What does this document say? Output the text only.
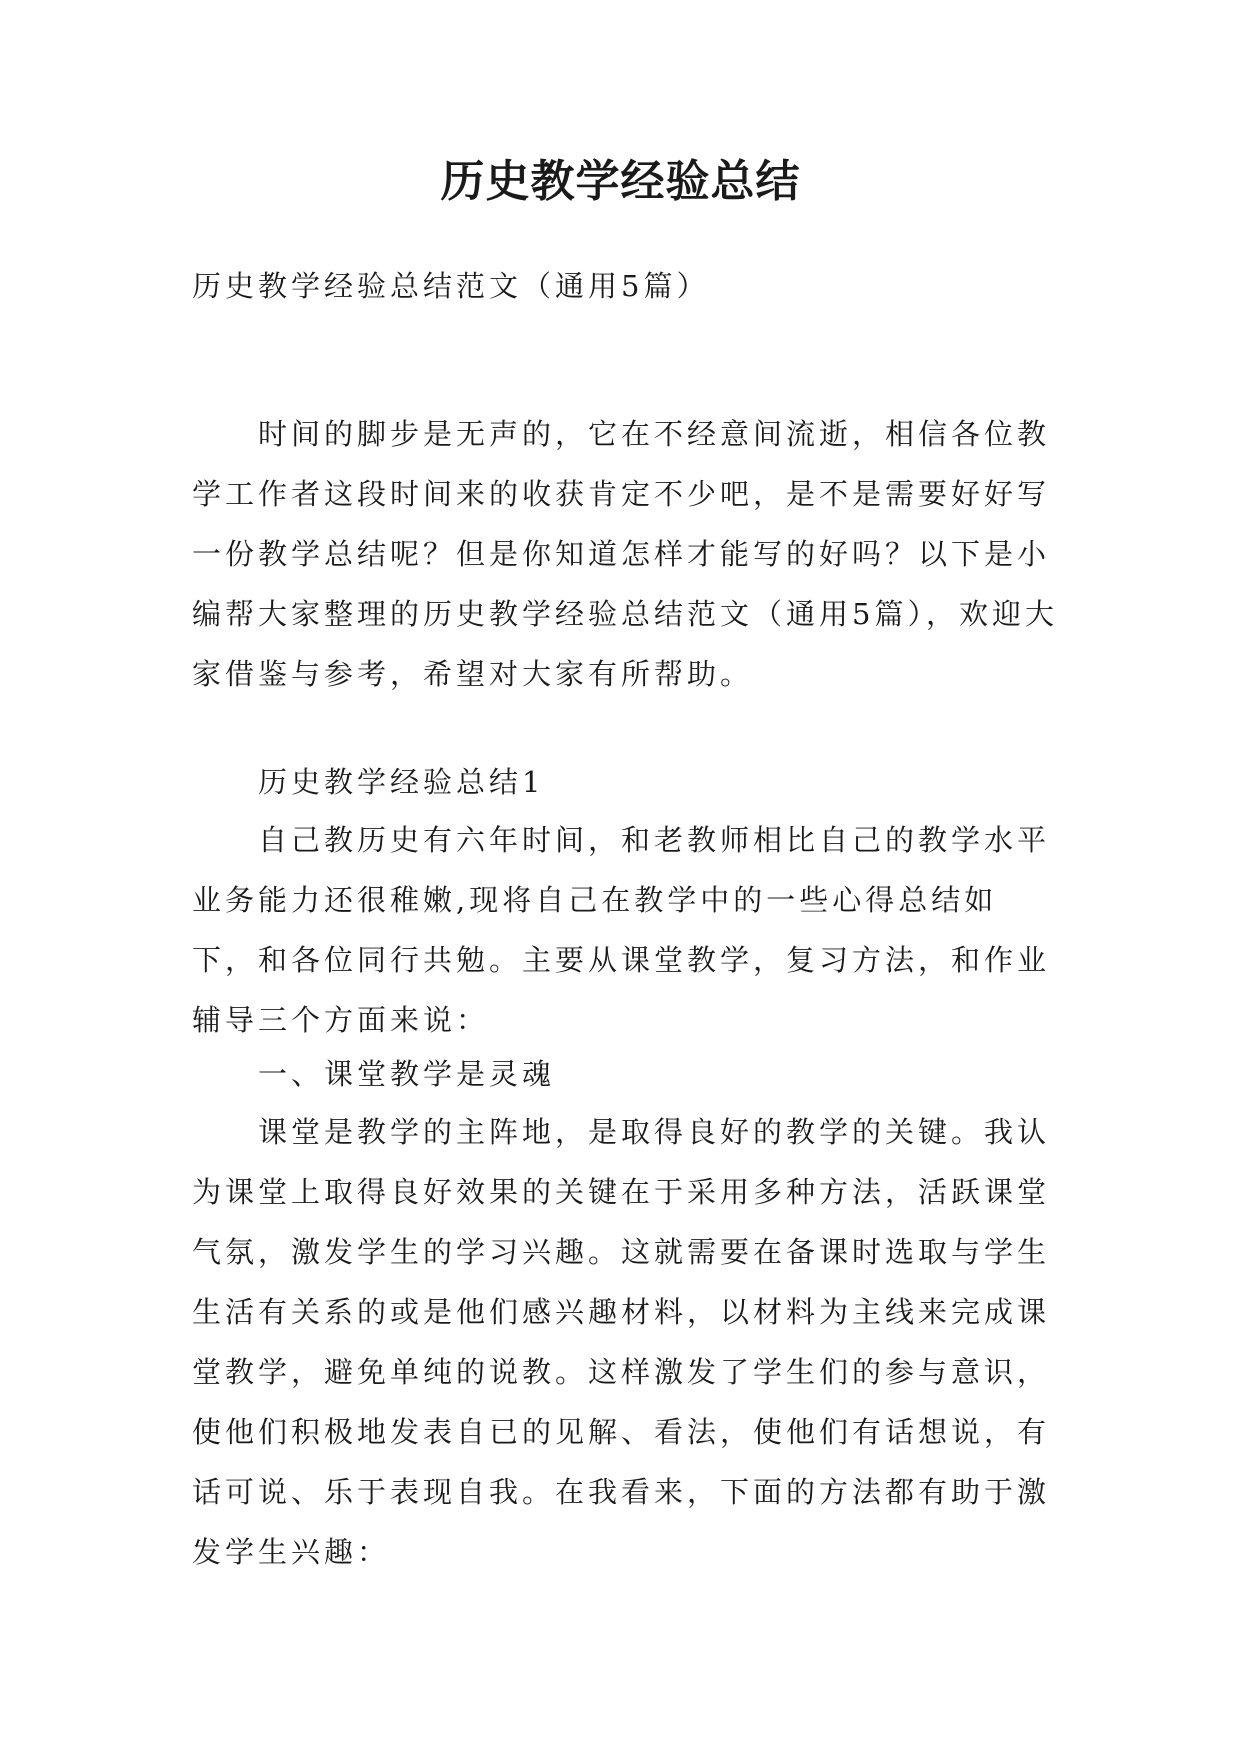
历史教学经验总结

历史教学经验总结范文（通用5篇）

时间的脚步是无声的，它在不经意间流逝，相信各位教学工作者这段时间来的收获肯定不少吧，是不是需要好好写一份教学总结呢？但是你知道怎样才能写的好吗？以下是小编帮大家整理的历史教学经验总结范文（通用5篇），欢迎大家借鉴与参考，希望对大家有所帮助。

历史教学经验总结1

自己教历史有六年时间，和老教师相比自己的教学水平业务能力还很稚嫩,现将自己在教学中的一些心得总结如下，和各位同行共勉。主要从课堂教学，复习方法，和作业辅导三个方面来说：

一、课堂教学是灵魂

课堂是教学的主阵地，是取得良好的教学的关键。我认为课堂上取得良好效果的关键在于采用多种方法，活跃课堂气氛，激发学生的学习兴趣。这就需要在备课时选取与学生生活有关系的或是他们感兴趣材料，以材料为主线来完成课堂教学，避免单纯的说教。这样激发了学生们的参与意识，使他们积极地发表自已的见解、看法，使他们有话想说，有话可说、乐于表现自我。在我看来，下面的方法都有助于激发学生兴趣：
